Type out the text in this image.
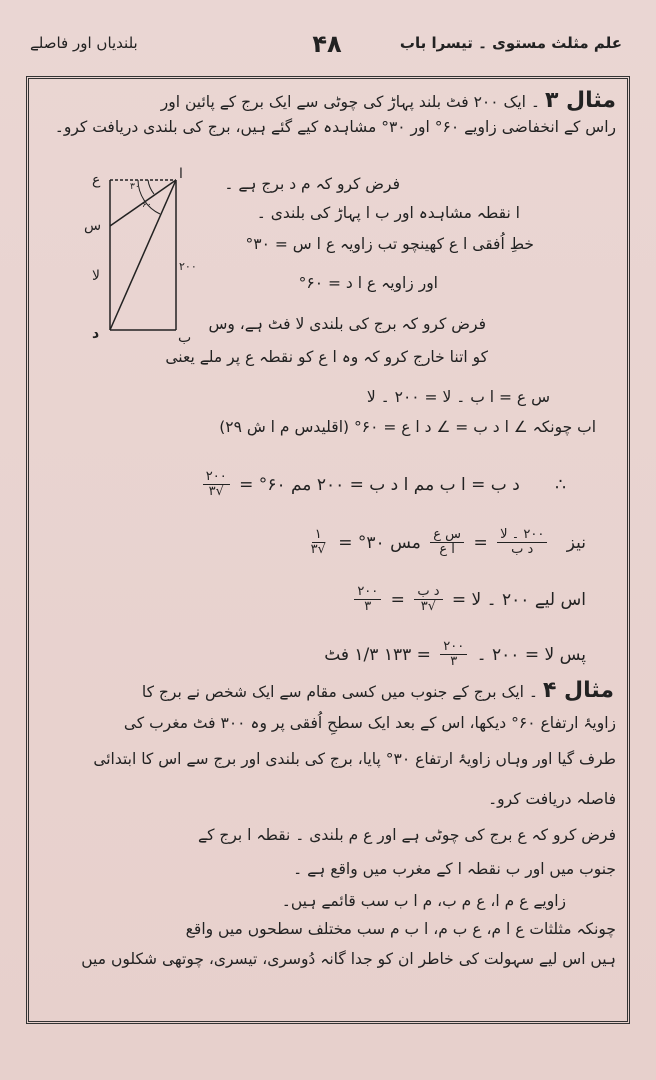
علم مثلث مستوی ۔ تیسرا باب
۴۸
بلندیاں اور فاصلے
مثال ۳ ۔ ایک ۲۰۰ فٹ بلند پہاڑ کی چوٹی سے ایک برج کے پائین اور
راس کے انخفاضی زاویے ۶۰° اور ۳۰° مشاہدہ کیے گئے ہیں، برج کی بلندی دریافت کرو۔
فرض کرو کہ م د برج ہے ۔
ا نقطہ مشاہدہ اور ب ا پہاڑ کی بلندی ۔
خطِ اُفقی ا ع کھینچو تب زاویہ ع ا س = ۳۰°
اور زاویہ ع ا د = ۶۰°
فرض کرو کہ برج کی بلندی لا فٹ ہے، وس
کو اتنا خارج کرو کہ وہ ا ع کو نقطہ ع پر ملے یعنی
س ع = ا ب ۔ لا = ۲۰۰ ۔ لا
اب چونکہ ∠ ا د ب = ∠ د ا ع = ۶۰° (اقلیدس م ا ش ۲۹)
ا
ع
س
لا
د	ب
۲۰۰
۳۰
۶۰
∴ د ب = ا ب مم ا د ب = ۲۰۰ مم ۶۰° =
$\frac{۲۰۰}{√۳}$
نیز
$\frac{\text{۲۰۰ ۔ لا}}{\text{د ب}}$
=
$\frac{\text{س ع}}{\text{ا ع}}$
مس ۳۰° =
$\frac{۱}{√۳}$
اس لیے ۲۰۰ ۔ لا =
$\frac{\text{د ب}}{√۳}$
=
$\frac{۲۰۰}{۳}$
پس لا = ۲۰۰ ۔
$\frac{۲۰۰}{۳}$
= ۱۳۳ ۱/۳ فٹ
مثال ۴ ۔ ایک برج کے جنوب میں کسی مقام سے ایک شخص نے برج کا
زاویۂ ارتفاع ۶۰° دیکھا، اس کے بعد ایک سطحِ اُفقی پر وہ ۳۰۰ فٹ مغرب کی
طرف گیا اور وہاں زاویۂ ارتفاع ۳۰° پایا، برج کی بلندی اور برج سے اس کا ابتدائی
فاصلہ دریافت کرو۔
فرض کرو کہ ع برج کی چوٹی ہے اور ع م بلندی ۔ نقطہ ا برج کے
جنوب میں اور ب نقطہ ا کے مغرب میں واقع ہے ۔
زاویے ع م ا، ع م ب، م ا ب سب قائمے ہیں۔
چونکہ مثلثات ع ا م، ع ب م، ا ب م سب مختلف سطحوں میں واقع
ہیں اس لیے سہولت کی خاطر ان کو جدا گانہ دُوسری، تیسری، چوتھی شکلوں میں
